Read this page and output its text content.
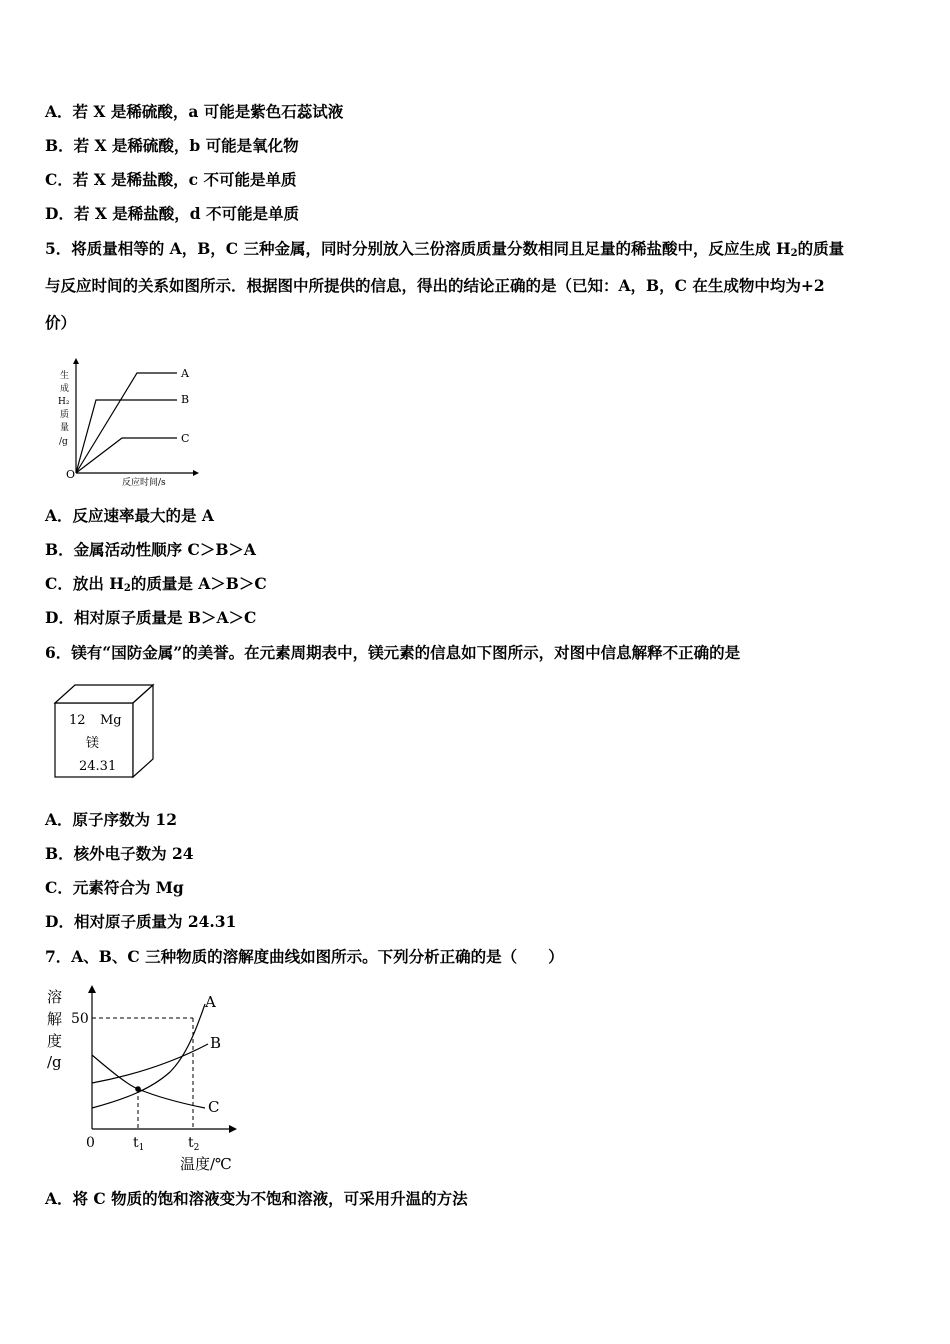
A．若 X 是稀硫酸，a 可能是紫色石蕊试液
B．若 X 是稀硫酸，b 可能是氧化物
C．若 X 是稀盐酸，c 不可能是单质
D．若 X 是稀盐酸，d 不可能是单质
5．将质量相等的 A，B，C 三种金属，同时分别放入三份溶质质量分数相同且足量的稀盐酸中，反应生成 $H_2$的质量
与反应时间的关系如图所示．根据图中所提供的信息，得出的结论正确的是（已知：A，B，C 在生成物中均为+2
价）
A
B
C
O
反应时间/s
生
成
H₂
质
量
/g
A．反应速率最大的是 A
B．金属活动性顺序 C＞B＞A
C．放出 $H_2$的质量是 A＞B＞C
D．相对原子质量是 B＞A＞C
6．镁有“国防金属”的美誉。在元素周期表中，镁元素的信息如下图所示，对图中信息解释不正确的是
12 Mg
镁
24.31
A．原子序数为 12
B．核外电子数为 24
C．元素符合为 Mg
D．相对原子质量为 24.31
7．A、B、C 三种物质的溶解度曲线如图所示。下列分析正确的是（　　）
A
B
C
50
0	$t_1$	$t_2$
温度/℃
溶
解
度
/g
A．将 C 物质的饱和溶液变为不饱和溶液，可采用升温的方法
